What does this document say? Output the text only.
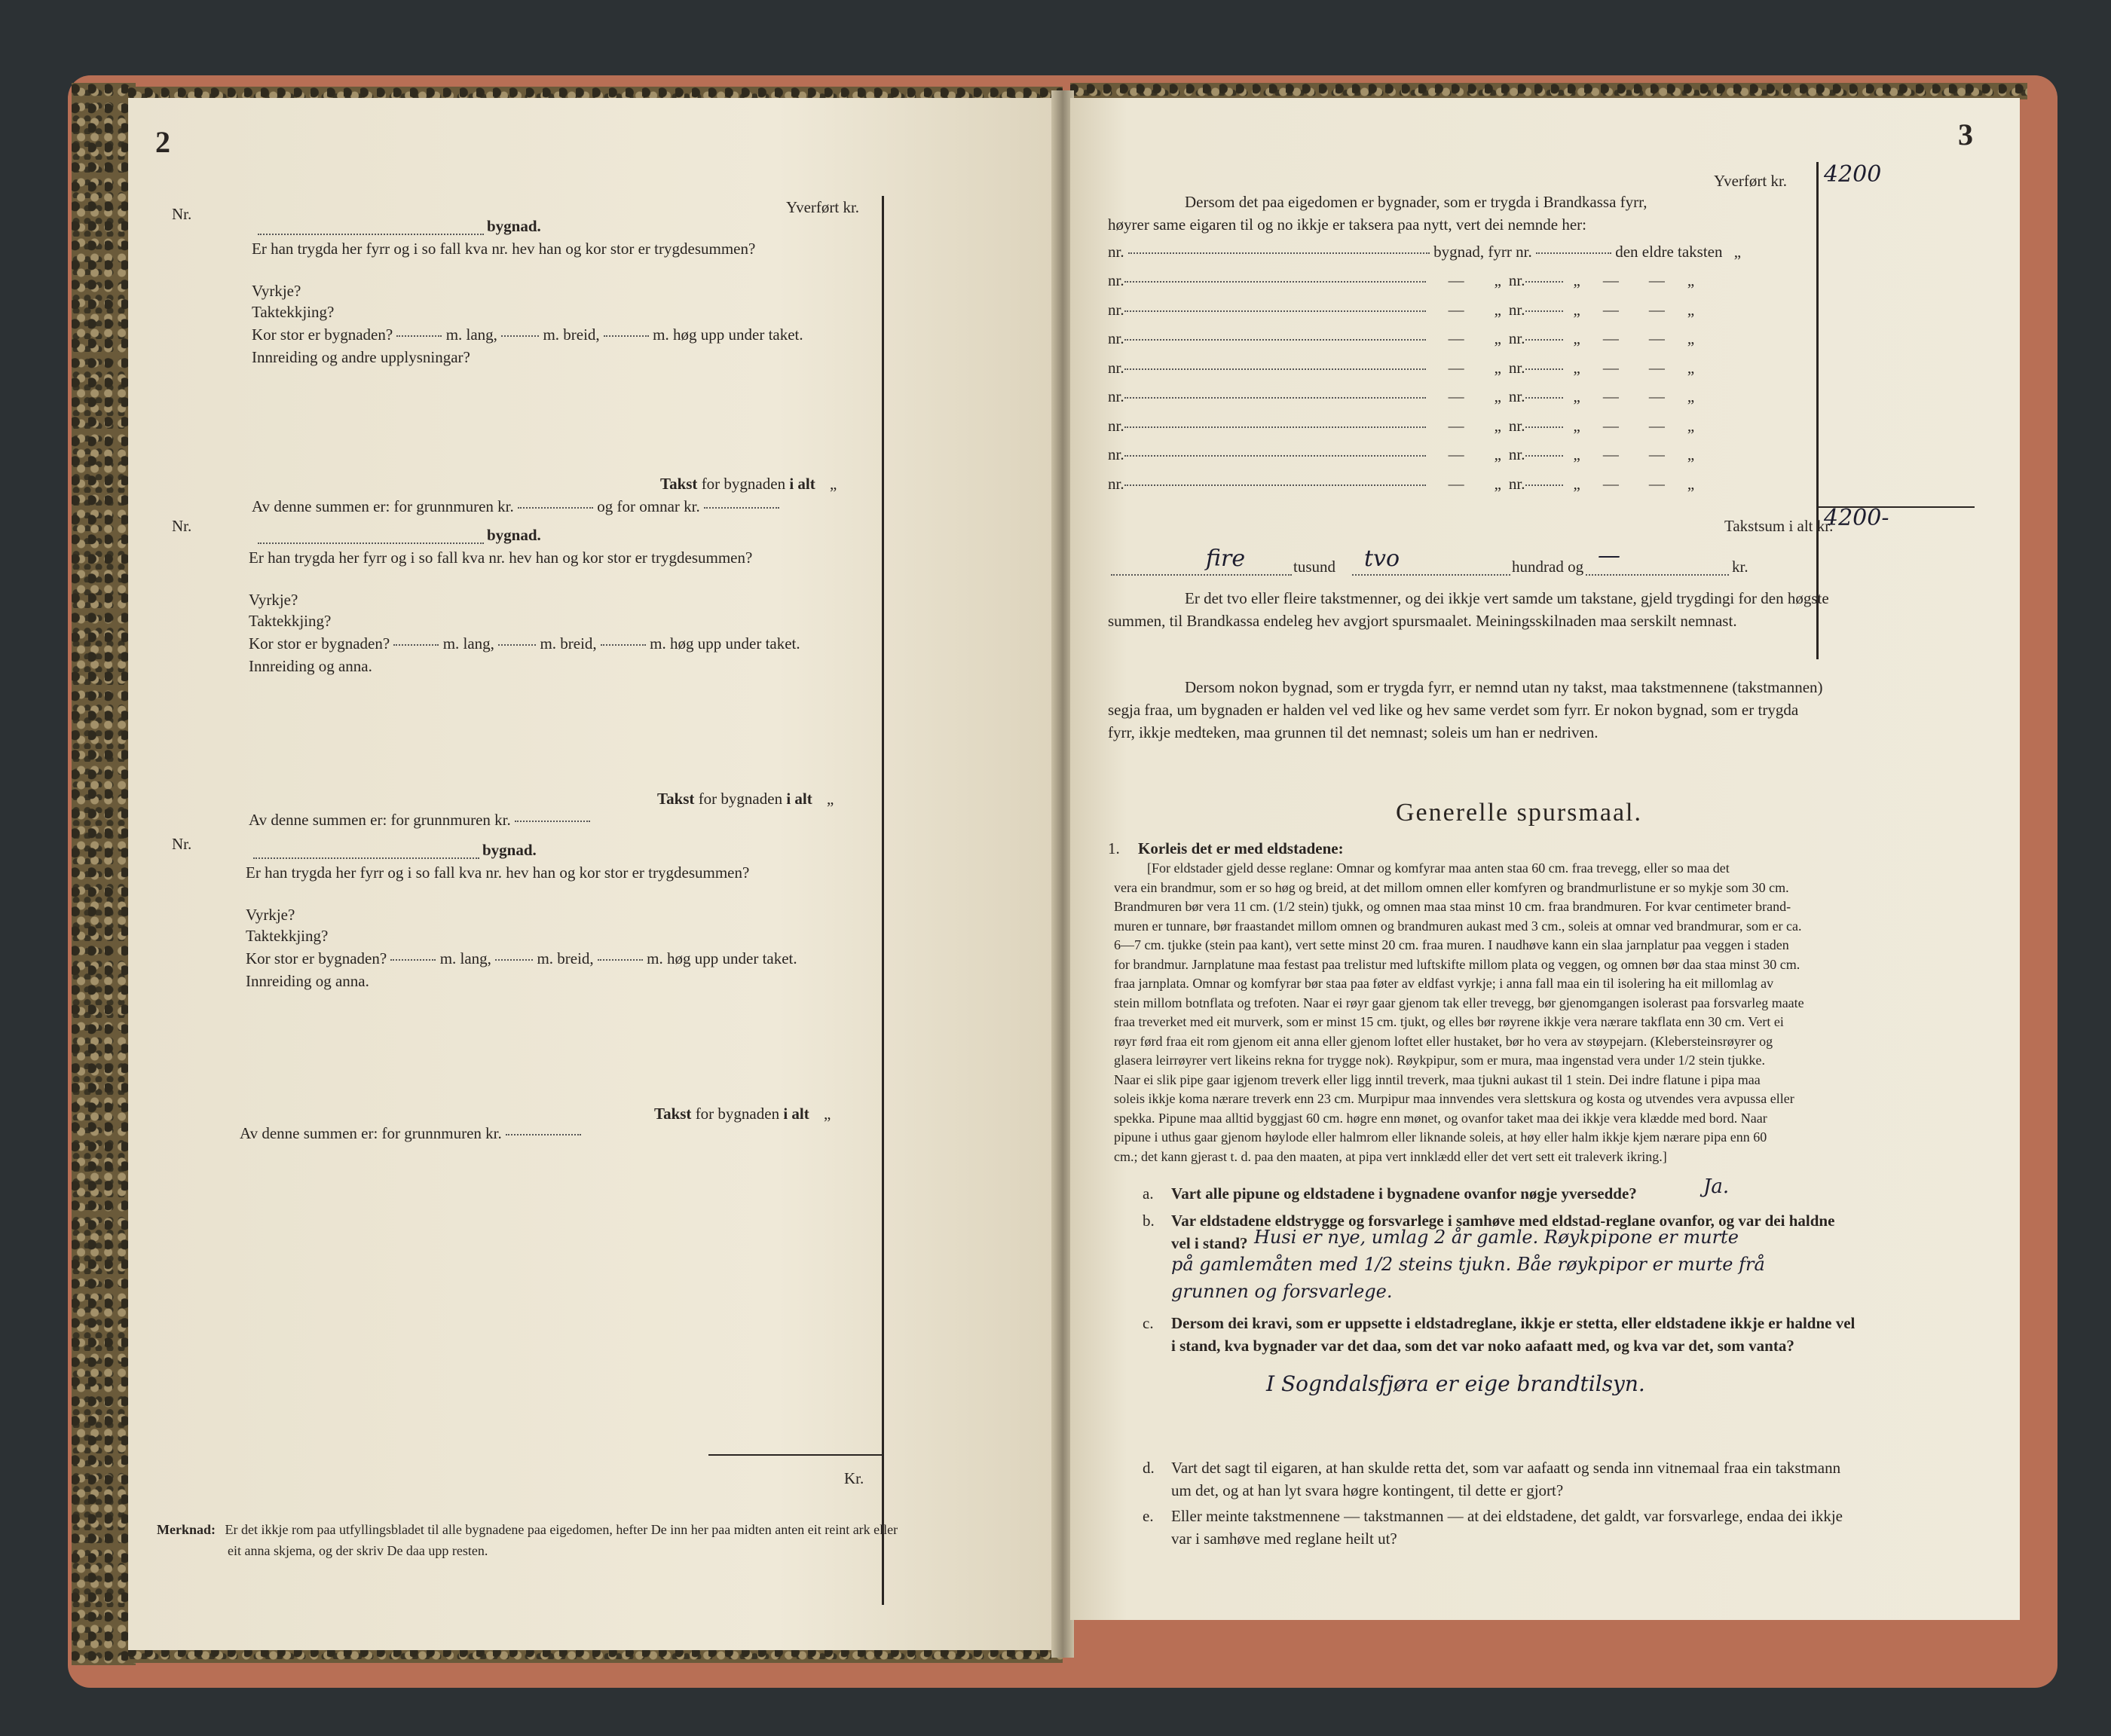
2
Yverført kr.
Nr.
bygnad.
Er han trygda her fyrr og i so fall kva nr. hev han og kor stor er trygdesummen?
Vyrkje?
Taktekkjing?
Kor stor er bygnaden?	m. lang,	m. breid,	m. høg upp under taket.
Innreiding og andre upplysningar?
Takst for bygnaden i alt „
Av denne summen er: for grunnmuren kr.	og for omnar kr.
Nr.	bygnad.
Er han trygda her fyrr og i so fall kva nr. hev han og kor stor er trygdesummen?
Vyrkje?
Taktekkjing?
Kor stor er bygnaden?	m. lang,	m. breid,	m. høg upp under taket.
Innreiding og anna.
Takst for bygnaden i alt „
Av denne summen er: for grunnmuren kr.
Nr.	bygnad.
Er han trygda her fyrr og i so fall kva nr. hev han og kor stor er trygdesummen?
Vyrkje?
Taktekkjing?
Kor stor er bygnaden?	m. lang,	m. breid,	m. høg upp under taket.
Innreiding og anna.
Takst for bygnaden i alt „
Av denne summen er: for grunnmuren kr.
Kr.
Merknad: Er det ikkje rom paa utfyllingsbladet til alle bygnadene paa eigedomen, hefter De inn her paa midten anten eit reint ark eller
eit anna skjema, og der skriv De daa upp resten.
3
Yverført kr. 4200
Dersom det paa eigedomen er bygnader, som er trygda i Brandkassa fyrr,
høyrer same eigaren til og no ikkje er taksera paa nytt, vert dei nemnde her:
nr.	bygnad, fyrr nr.	den eldre taksten „
nr.	— „ nr.	„ — — „
nr.	— „ nr.	„ — — „
nr.	— „ nr.	„ — — „
nr.	— „ nr.	„ — — „
nr.	— „ nr.	„ — — „
nr.	— „ nr.	„ — — „
nr.	— „ nr.	„ — — „
nr.	— „ nr.	„ — — „
Takstsum i alt kr.
4200-
fire	tusund tvo	hundrad og —	kr.
Er det tvo eller fleire takstmenner, og dei ikkje vert samde um takstane, gjeld trygdingi for den høgste
summen, til Brandkassa endeleg hev avgjort spursmaalet. Meiningsskilnaden maa serskilt nemnast.
Dersom nokon bygnad, som er trygda fyrr, er nemnd utan ny takst, maa takstmennene (takstmannen)
segja fraa, um bygnaden er halden vel ved like og hev same verdet som fyrr. Er nokon bygnad, som er trygda
fyrr, ikkje medteken, maa grunnen til det nemnast; soleis um han er nedriven.
Generelle spursmaal.
1. Korleis det er med eldstadene:
[For eldstader gjeld desse reglane: Omnar og komfyrar maa anten staa 60 cm. fraa trevegg, eller so maa det
vera ein brandmur, som er so høg og breid, at det millom omnen eller komfyren og brandmurlistune er so mykje som 30 cm.
Brandmuren bør vera 11 cm. (1/2 stein) tjukk, og omnen maa staa minst 10 cm. fraa brandmuren. For kvar centimeter brand-
muren er tunnare, bør fraastandet millom omnen og brandmuren aukast med 3 cm., soleis at omnar ved brandmurar, som er ca.
6—7 cm. tjukke (stein paa kant), vert sette minst 20 cm. fraa muren. I naudhøve kann ein slaa jarnplatur paa veggen i staden
for brandmur. Jarnplatune maa festast paa trelistur med luftskifte millom plata og veggen, og omnen bør daa staa minst 30 cm.
fraa jarnplata. Omnar og komfyrar bør staa paa føter av eldfast vyrkje; i anna fall maa ein til isolering ha eit millomlag av
stein millom botnflata og trefoten. Naar ei røyr gaar gjenom tak eller trevegg, bør gjenomgangen isolerast paa forsvarleg maate
fraa treverket med eit murverk, som er minst 15 cm. tjukt, og elles bør røyrene ikkje vera nærare takflata enn 30 cm. Vert ei
røyr førd fraa eit rom gjenom eit anna eller gjenom loftet eller hustaket, bør ho vera av støypejarn. (Klebersteinsrøyrer og
glasera leirrøyrer vert likeins rekna for trygge nok). Røykpipur, som er mura, maa ingenstad vera under 1/2 stein tjukke.
Naar ei slik pipe gaar igjenom treverk eller ligg inntil treverk, maa tjukni aukast til 1 stein. Dei indre flatune i pipa maa
soleis ikkje koma nærare treverk enn 23 cm. Murpipur maa innvendes vera slettskura og kosta og utvendes vera avpussa eller
spekka. Pipune maa alltid byggjast 60 cm. høgre enn mønet, og ovanfor taket maa dei ikkje vera klædde med bord. Naar
pipune i uthus gaar gjenom høylode eller halmrom eller liknande soleis, at høy eller halm ikkje kjem nærare pipa enn 60
cm.; det kann gjerast t. d. paa den maaten, at pipa vert innklædd eller det vert sett eit traleverk ikring.]
a. Vart alle pipune og eldstadene i bygnadene ovanfor nøgje yversedde?	Ja.
b. Var eldstadene eldstrygge og forsvarlege i samhøve med eldstad-reglane ovanfor, og var dei haldne
vel i stand? Husi er nye, umlag 2 år gamle. Røykpipone er murte
på gamlemåten med 1/2 steins tjukn. Båe røykpipor er murte frå
grunnen og forsvarlege.
c. Dersom dei kravi, som er uppsette i eldstadreglane, ikkje er stetta, eller eldstadene ikkje er haldne vel
i stand, kva bygnader var det daa, som det var noko aafaatt med, og kva var det, som vanta?
I Sogndalsfjøra er eige brandtilsyn.
d. Vart det sagt til eigaren, at han skulde retta det, som var aafaatt og senda inn vitnemaal fraa ein takstmann
um det, og at han lyt svara høgre kontingent, til dette er gjort?
e. Eller meinte takstmennene — takstmannen — at dei eldstadene, det galdt, var forsvarlege, endaa dei ikkje
var i samhøve med reglane heilt ut?
